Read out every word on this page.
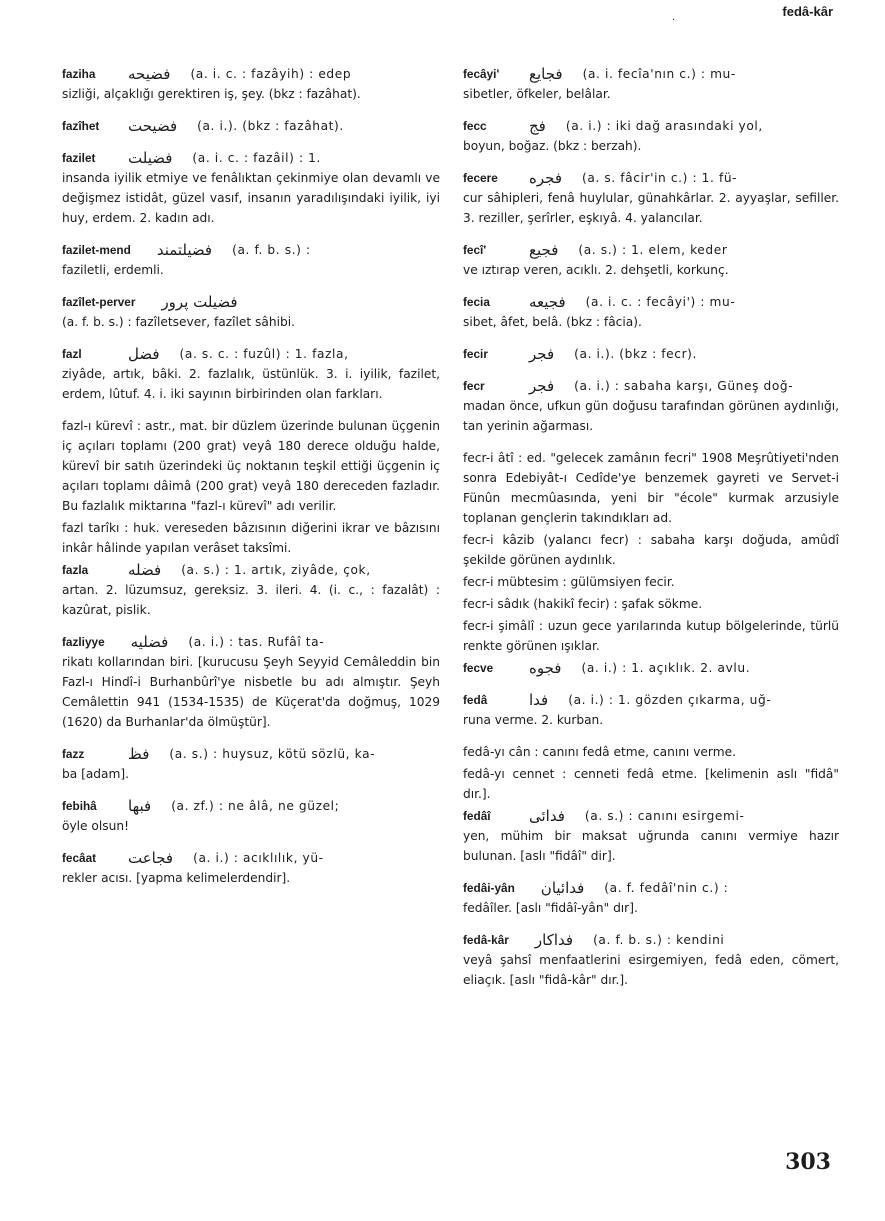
fedâ-kâr
.
faziha	فضيحه (a. i. c. : fazâyih) : edep
sizliği, alçaklığı gerektiren iş, şey. (bkz : fazâhat).
fazîhet فضيحت (a. i.). (bkz : fazâhat).
fazilet	فضيلت (a. i. c. : fazâil) : 1.
insanda iyilik etmiye ve fenâlıktan çekinmiye olan devamlı ve değişmez istidât, güzel vasıf, insanın yaradılışındaki iyilik, iyi huy, erdem. 2. kadın adı.
fazilet-mend فضيلتمند (a. f. b. s.) :
faziletli, erdemli.
fazîlet-perver فضيلت پرور
(a. f. b. s.) : fazîletsever, fazîlet sâhibi.
fazl	فضل (a. s. c. : fuzûl) : 1. fazla,
ziyâde, artık, bâki. 2. fazlalık, üstünlük. 3. i. iyilik, fazilet, erdem, lûtuf. 4. i. iki sayının birbirinden olan farkları.
fazl-ı kürevî : astr., mat. bir düzlem üzerinde bulunan üçgenin iç açıları toplamı (200 grat) veyâ 180 derece olduğu halde, kürevî bir satıh üzerindeki üç noktanın teşkil ettiği üçgenin iç açıları toplamı dâimâ (200 grat) veyâ 180 dereceden fazladır. Bu fazlalık miktarına "fazl-ı kürevî" adı verilir.
fazl tarîkı : huk. vereseden bâzısının diğerini ikrar ve bâzısını inkâr hâlinde yapılan verâset taksîmi.
fazla	فضله (a. s.) : 1. artık, ziyâde, çok,
artan. 2. lüzumsuz, gereksiz. 3. ileri. 4. (i. c., : fazalât) : kazûrat, pislik.
fazliyye فضليه (a. i.) : tas. Rufâî ta-
rikatı kollarından biri. [kurucusu Şeyh Seyyid Cemâleddin bin Fazl-ı Hindî-i Burhanbûrî'ye nisbetle bu adı almıştır. Şeyh Cemâlettin 941 (1534-1535) de Küçerat'da doğmuş, 1029 (1620) da Burhanlar'da ölmüştür].
fazz	فظ (a. s.) : huysuz, kötü sözlü, ka-
ba [adam].
febihâ	فبها (a. zf.) : ne âlâ, ne güzel;
öyle olsun!
fecâat	فجاعت (a. i.) : acıklılık, yü-
rekler acısı. [yapma kelimelerdendir].
fecâyi' فجايع (a. i. fecîa'nın c.) : mu-
sibetler, öfkeler, belâlar.
fecc	فج (a. i.) : iki dağ arasındaki yol,
boyun, boğaz. (bkz : berzah).
fecere	فجره (a. s. fâcir'in c.) : 1. fü-
cur sâhipleri, fenâ huylular, günahkârlar. 2. ayyaşlar, sefiller. 3. reziller, şerîrler, eşkıyâ. 4. yalancılar.
fecî'	فجيع (a. s.) : 1. elem, keder
ve ıztırap veren, acıklı. 2. dehşetli, korkunç.
fecia	فجيعه (a. i. c. : fecâyi') : mu-
sibet, âfet, belâ. (bkz : fâcia).
fecir	فجر (a. i.). (bkz : fecr).
fecr	فجر (a. i.) : sabaha karşı, Güneş doğ-
madan önce, ufkun gün doğusu tarafından görünen aydınlığı, tan yerinin ağarması.
fecr-i âtî : ed. "gelecek zamânın fecri" 1908 Meşrûtiyeti'nden sonra Edebiyât-ı Cedîde'ye benzemek gayreti ve Servet-i Fünûn mecmûasında, yeni bir "école" kurmak arzusiyle toplanan gençlerin takındıkları ad.
fecr-i kâzib (yalancı fecr) : sabaha karşı doğuda, amûdî şekilde görünen aydınlık.
fecr-i mübtesim : gülümsiyen fecir.
fecr-i sâdık (hakikî fecir) : şafak sökme.
fecr-i şimâlî : uzun gece yarılarında kutup bölgelerinde, türlü renkte görünen ışıklar.
fecve	فجوه (a. i.) : 1. açıklık. 2. avlu.
fedâ	فدا (a. i.) : 1. gözden çıkarma, uğ-
runa verme. 2. kurban.
fedâ-yı cân : canını fedâ etme, canını verme.
fedâ-yı cennet : cenneti fedâ etme. [kelimenin aslı "fidâ" dır.].
fedâî	فدائى (a. s.) : canını esirgemi-
yen, mühim bir maksat uğrunda canını vermiye hazır bulunan. [aslı "fidâî" dir].
fedâi-yân فدائيان (a. f. fedâî'nin c.) :
fedâîler. [aslı "fidâî-yân" dır].
fedâ-kâr فداكار (a. f. b. s.) : kendini
veyâ şahsî menfaatlerini esirgemiyen, fedâ eden, cömert, eliaçık. [aslı "fidâ-kâr" dır.].
303
